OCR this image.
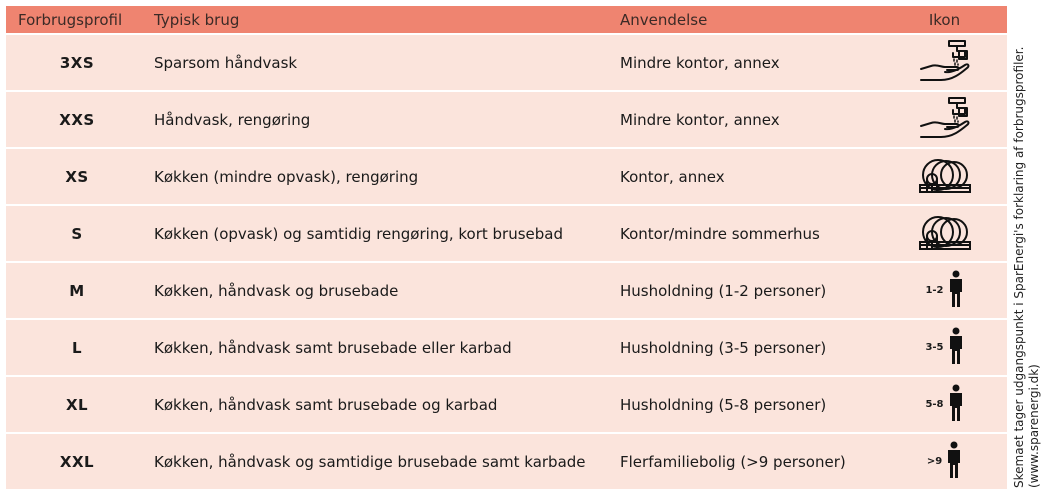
Forbrugsprofil	Typisk brug	Anvendelse	Ikon
3XS	Sparsom håndvask	Mindre kontor, annex
XXS	Håndvask, rengøring	Mindre kontor, annex
XS	Køkken (mindre opvask), rengøring	Kontor, annex
S	Køkken (opvask) og samtidig rengøring, kort brusebad	Kontor/mindre sommerhus
M	Køkken, håndvask og brusebade	Husholdning (1-2 personer)	1-2
L	Køkken, håndvask samt brusebade eller karbad	Husholdning (3-5 personer)	3-5
XL	Køkken, håndvask samt brusebade og karbad	Husholdning (5-8 personer)	5-8
XXL	Køkken, håndvask og samtidige brusebade samt karbade	Flerfamiliebolig (>9 personer)	>9	Skemaet tager udgangspunkt i SparEnergi's forklaring af forbrugsprofiler. (www.sparenergi.dk)
